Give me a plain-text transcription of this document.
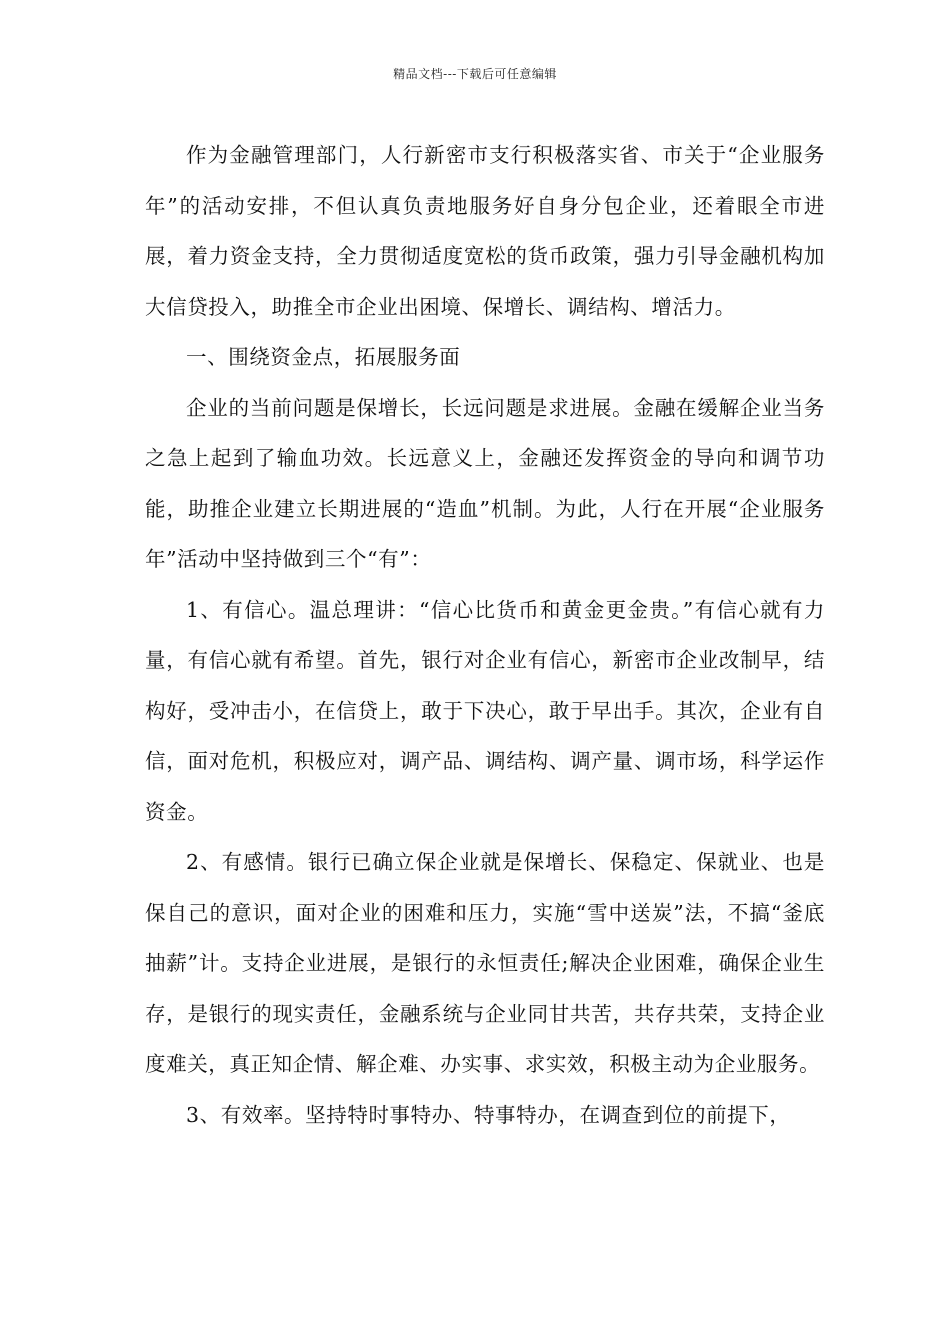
精品文档---下载后可任意编辑

作为金融管理部门，人行新密市支行积极落实省、市关于“企业服务年”的活动安排，不但认真负责地服务好自身分包企业，还着眼全市进展，着力资金支持，全力贯彻适度宽松的货币政策，强力引导金融机构加大信贷投入，助推全市企业出困境、保增长、调结构、增活力。

一、围绕资金点，拓展服务面

企业的当前问题是保增长，长远问题是求进展。金融在缓解企业当务之急上起到了输血功效。长远意义上，金融还发挥资金的导向和调节功能，助推企业建立长期进展的“造血”机制。为此，人行在开展“企业服务年”活动中坚持做到三个“有”：

1、有信心。温总理讲：“信心比货币和黄金更金贵。”有信心就有力量，有信心就有希望。首先，银行对企业有信心，新密市企业改制早，结构好，受冲击小，在信贷上，敢于下决心，敢于早出手。其次，企业有自信，面对危机，积极应对，调产品、调结构、调产量、调市场，科学运作资金。

2、有感情。银行已确立保企业就是保增长、保稳定、保就业、也是保自己的意识，面对企业的困难和压力，实施“雪中送炭”法，不搞“釜底抽薪”计。支持企业进展，是银行的永恒责任;解决企业困难，确保企业生存，是银行的现实责任，金融系统与企业同甘共苦，共存共荣，支持企业度难关，真正知企情、解企难、办实事、求实效，积极主动为企业服务。

3、有效率。坚持特时事特办、特事特办，在调查到位的前提下，
